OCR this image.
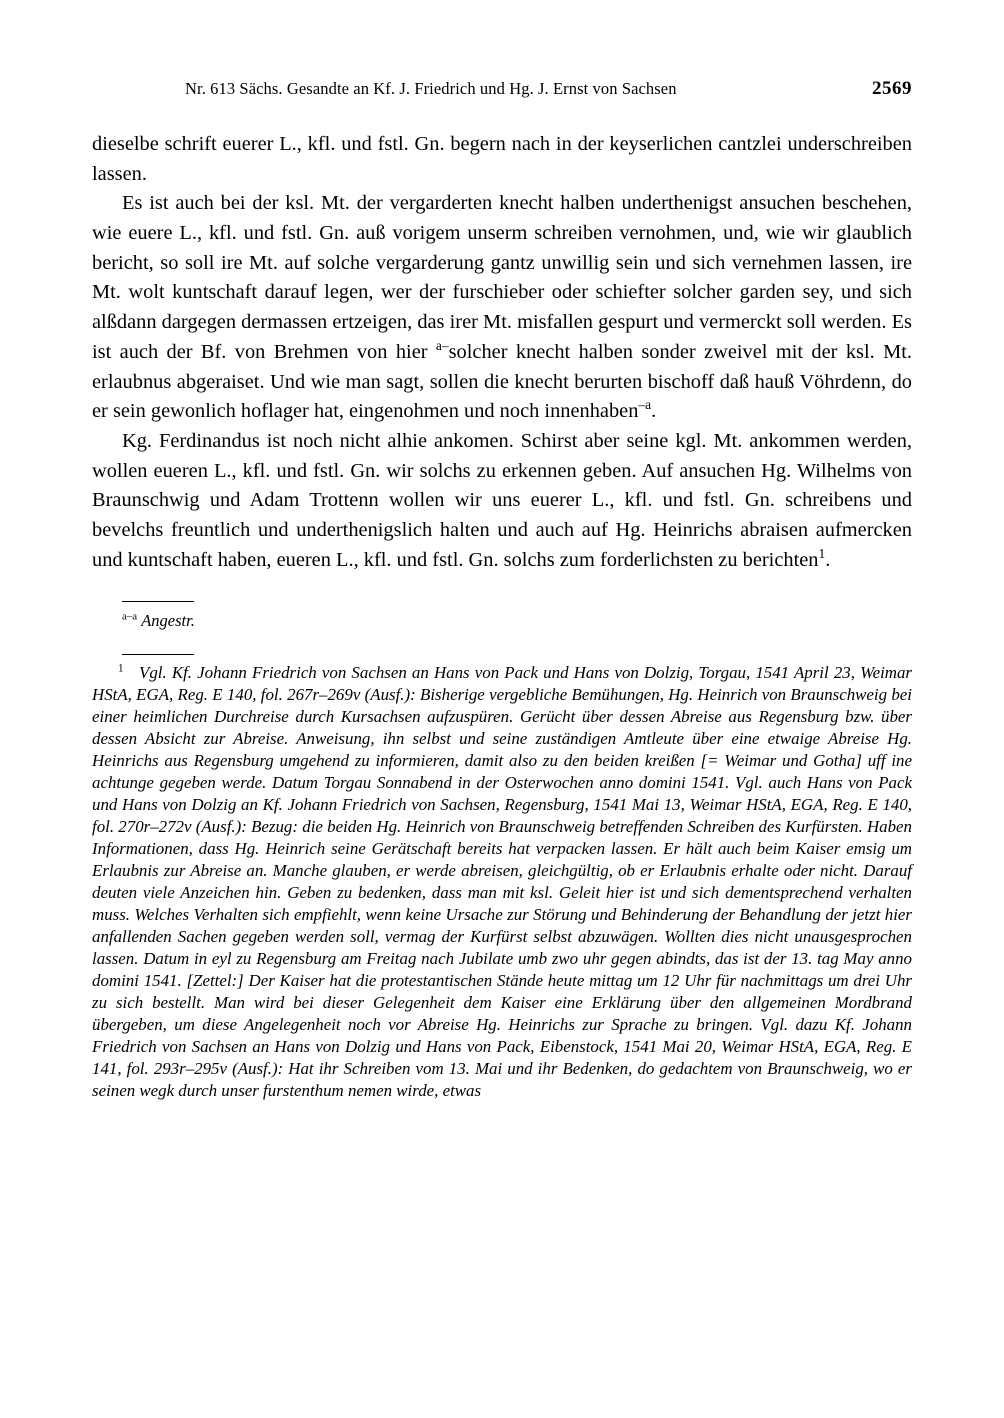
Nr. 613 Sächs. Gesandte an Kf. J. Friedrich und Hg. J. Ernst von Sachsen	2569

dieselbe schrift euerer L., kfl. und fstl. Gn. begern nach in der keyserlichen cantzlei underschreiben lassen.

Es ist auch bei der ksl. Mt. der vergarderten knecht halben underthenigst ansuchen beschehen, wie euere L., kfl. und fstl. Gn. auß vorigem unserm schreiben vernohmen, und, wie wir glaublich bericht, so soll ire Mt. auf solche vergarderung gantz unwillig sein und sich vernehmen lassen, ire Mt. wolt kuntschaft darauf legen, wer der furschieber oder schiefter solcher garden sey, und sich alßdann dargegen dermassen ertzeigen, das irer Mt. misfallen gespurt und vermerckt soll werden. Es ist auch der Bf. von Brehmen von hier $^{a-}$solcher knecht halben sonder zweivel mit der ksl. Mt. erlaubnus abgeraiset. Und wie man sagt, sollen die knecht berurten bischoff daß hauß Vöhrdenn, do er sein gewonlich hoflager hat, eingenohmen und noch innenhaben$^{-a}$.

Kg. Ferdinandus ist noch nicht alhie ankomen. Schirst aber seine kgl. Mt. ankommen werden, wollen eueren L., kfl. und fstl. Gn. wir solchs zu erkennen geben. Auf ansuchen Hg. Wilhelms von Braunschwig und Adam Trottenn wollen wir uns euerer L., kfl. und fstl. Gn. schreibens und bevelchs freuntlich und underthenigslich halten und auch auf Hg. Heinrichs abraisen aufmercken und kuntschaft haben, eueren L., kfl. und fstl. Gn. solchs zum forderlichsten zu berichten$^1$.

$^{a-a}$ Angestr.
$^1$ Vgl. Kf. Johann Friedrich von Sachsen an Hans von Pack und Hans von Dolzig, Torgau, 1541 April 23, Weimar HStA, EGA, Reg. E 140, fol. 267r–269v (Ausf.): Bisherige vergebliche Bemühungen, Hg. Heinrich von Braunschweig bei einer heimlichen Durchreise durch Kursachsen aufzuspüren. Gerücht über dessen Abreise aus Regensburg bzw. über dessen Absicht zur Abreise. Anweisung, ihn selbst und seine zuständigen Amtleute über eine etwaige Abreise Hg. Heinrichs aus Regensburg umgehend zu informieren, damit also zu den beiden kreißen [= Weimar und Gotha] uff ine achtunge gegeben werde. Datum Torgau Sonnabend in der Osterwochen anno domini 1541. Vgl. auch Hans von Pack und Hans von Dolzig an Kf. Johann Friedrich von Sachsen, Regensburg, 1541 Mai 13, Weimar HStA, EGA, Reg. E 140, fol. 270r–272v (Ausf.): Bezug: die beiden Hg. Heinrich von Braunschweig betreffenden Schreiben des Kurfürsten. Haben Informationen, dass Hg. Heinrich seine Gerätschaft bereits hat verpacken lassen. Er hält auch beim Kaiser emsig um Erlaubnis zur Abreise an. Manche glauben, er werde abreisen, gleichgültig, ob er Erlaubnis erhalte oder nicht. Darauf deuten viele Anzeichen hin. Geben zu bedenken, dass man mit ksl. Geleit hier ist und sich dementsprechend verhalten muss. Welches Verhalten sich empfiehlt, wenn keine Ursache zur Störung und Behinderung der Behandlung der jetzt hier anfallenden Sachen gegeben werden soll, vermag der Kurfürst selbst abzuwägen. Wollten dies nicht unausgesprochen lassen. Datum in eyl zu Regensburg am Freitag nach Jubilate umb zwo uhr gegen abindts, das ist der 13. tag May anno domini 1541. [Zettel:] Der Kaiser hat die protestantischen Stände heute mittag um 12 Uhr für nachmittags um drei Uhr zu sich bestellt. Man wird bei dieser Gelegenheit dem Kaiser eine Erklärung über den allgemeinen Mordbrand übergeben, um diese Angelegenheit noch vor Abreise Hg. Heinrichs zur Sprache zu bringen. Vgl. dazu Kf. Johann Friedrich von Sachsen an Hans von Dolzig und Hans von Pack, Eibenstock, 1541 Mai 20, Weimar HStA, EGA, Reg. E 141, fol. 293r–295v (Ausf.): Hat ihr Schreiben vom 13. Mai und ihr Bedenken, do gedachtem von Braunschweig, wo er seinen wegk durch unser furstenthum nemen wirde, etwas
